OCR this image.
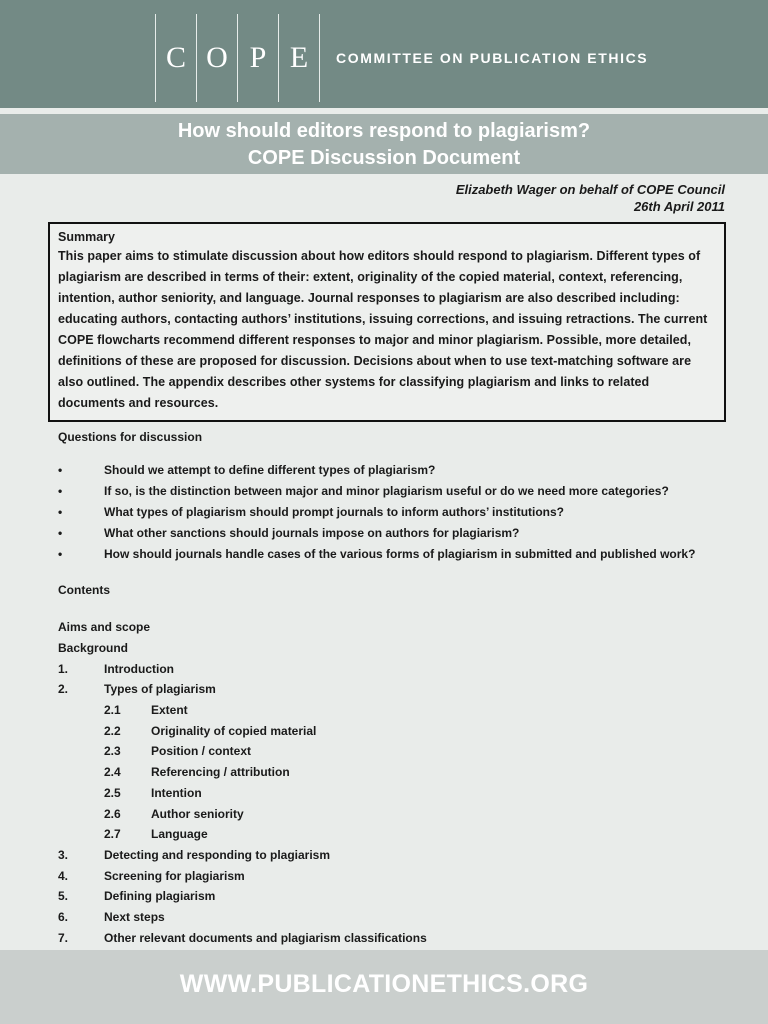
C O P E	COMMITTEE ON PUBLICATION ETHICS
How should editors respond to plagiarism?
COPE Discussion Document
Elizabeth Wager on behalf of COPE Council
26th April 2011
Summary
This paper aims to stimulate discussion about how editors should respond to plagiarism. Different types of plagiarism are described in terms of their: extent, originality of the copied material, context, referencing, intention, author seniority, and language. Journal responses to plagiarism are also described including: educating authors, contacting authors’ institutions, issuing corrections, and issuing retractions. The current COPE flowcharts recommend different responses to major and minor plagiarism. Possible, more detailed, definitions of these are proposed for discussion. Decisions about when to use text-matching software are also outlined. The appendix describes other systems for classifying plagiarism and links to related documents and resources.
Questions for discussion
•	Should we attempt to define different types of plagiarism?
•	If so, is the distinction between major and minor plagiarism useful or do we need more categories?
•	What types of plagiarism should prompt journals to inform authors’ institutions?
•	What other sanctions should journals impose on authors for plagiarism?
•	How should journals handle cases of the various forms of plagiarism in submitted and published work?
Contents
Aims and scope
Background
1.	Introduction
2.	Types of plagiarism
2.1	Extent
2.2	Originality of copied material
2.3	Position / context
2.4	Referencing / attribution
2.5	Intention
2.6	Author seniority
2.7	Language
3.	Detecting and responding to plagiarism
4.	Screening for plagiarism
5.	Defining plagiarism
6.	Next steps
7.	Other relevant documents and plagiarism classifications
WWW.PUBLICATIONETHICS.ORG
